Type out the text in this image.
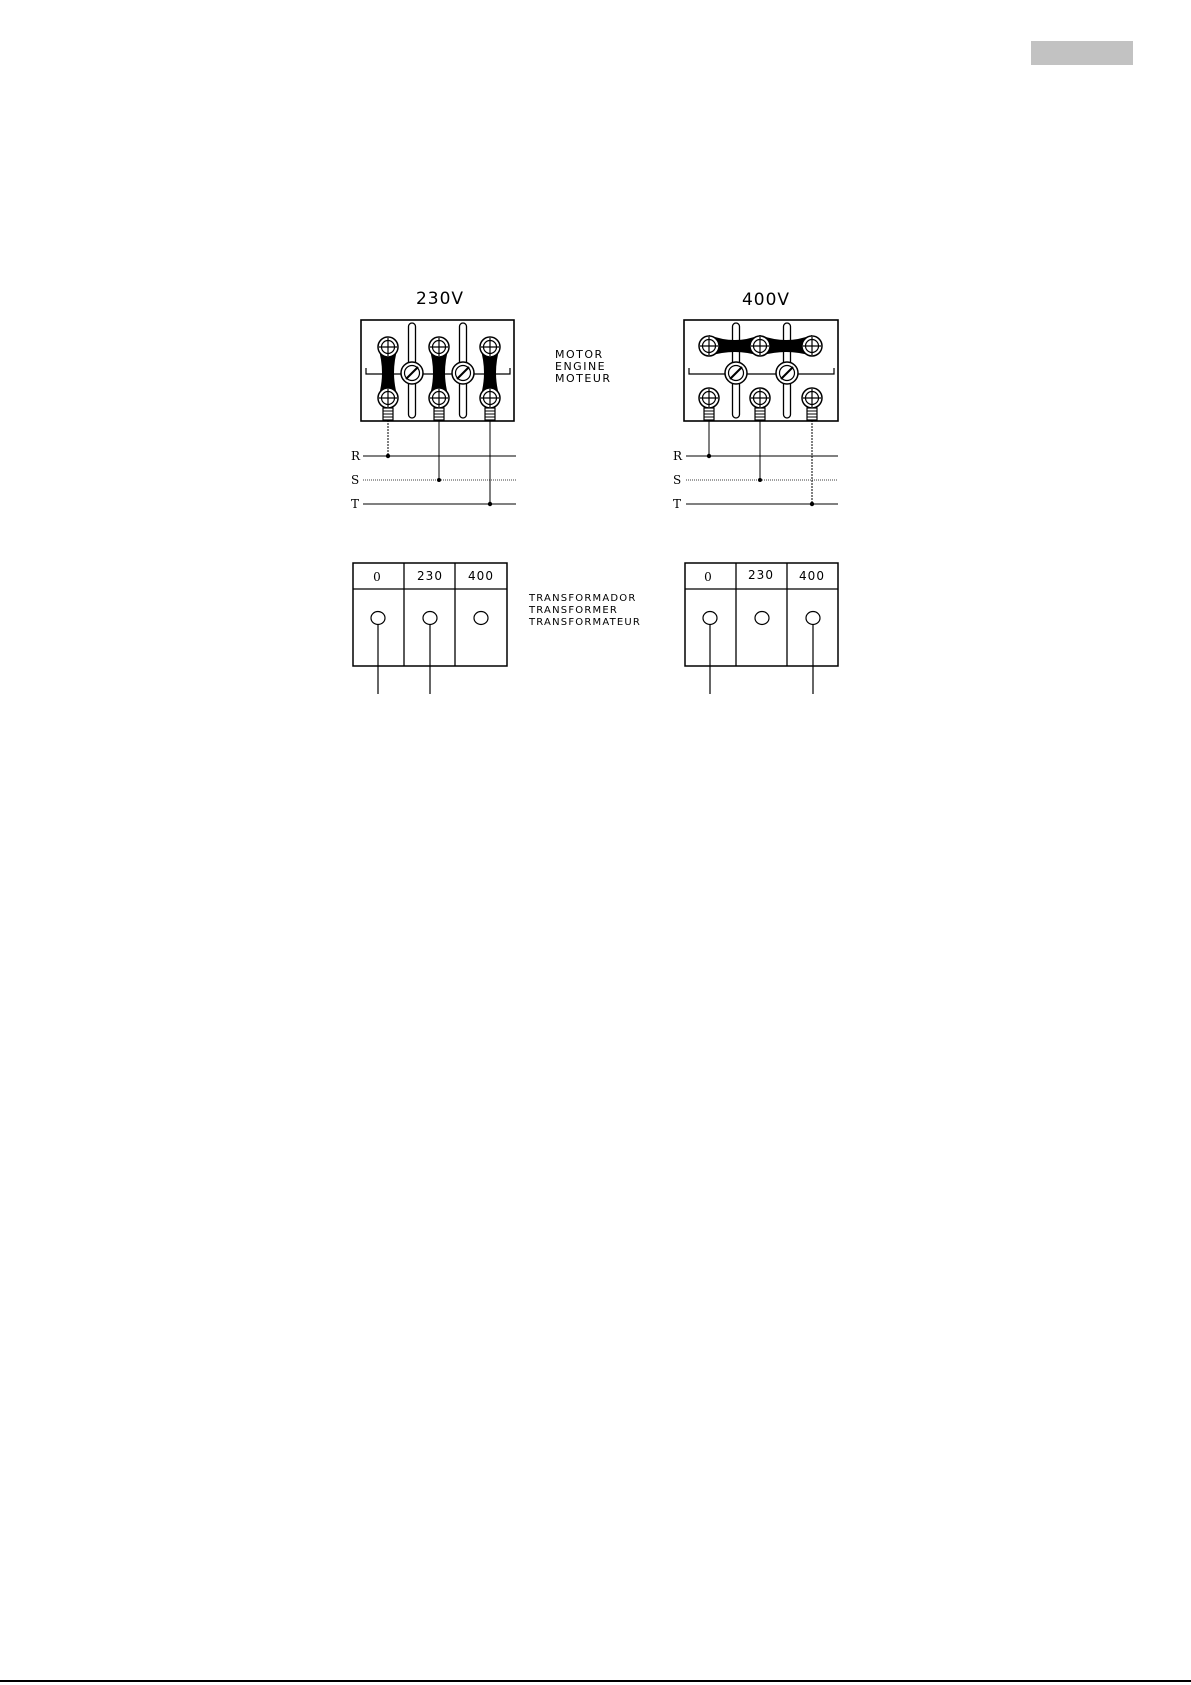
230V
R
S
T
0	230 400
MOTOR
ENGINE
MOTEUR
TRANSFORMADOR
TRANSFORMER
TRANSFORMATEUR
400V
R
S
T
0	230 400
